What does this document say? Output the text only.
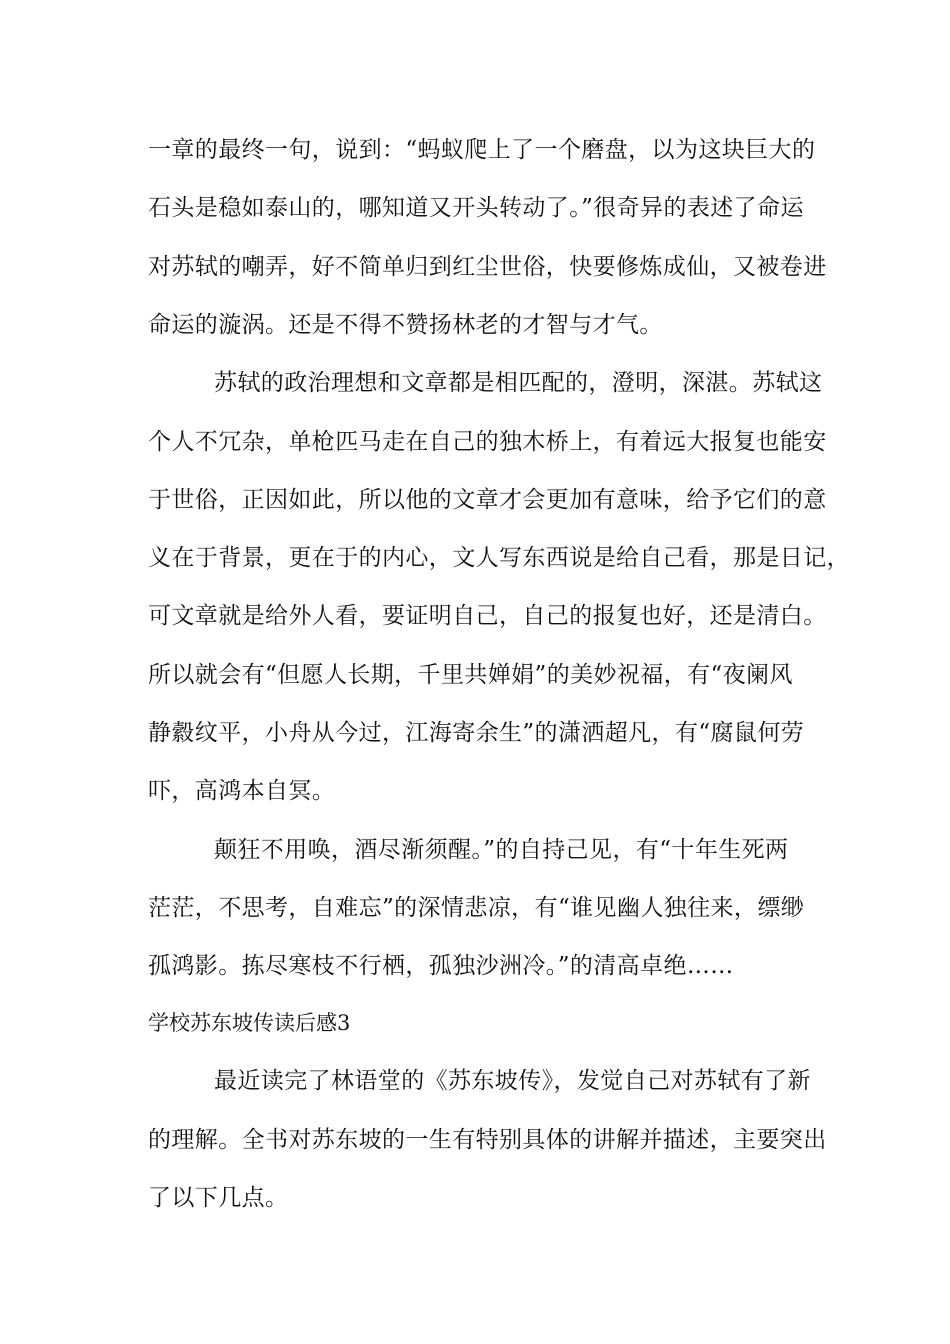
一章的最终一句，说到：“蚂蚁爬上了一个磨盘，以为这块巨大的
石头是稳如泰山的，哪知道又开头转动了。”很奇异的表述了命运
对苏轼的嘲弄，好不简单归到红尘世俗，快要修炼成仙，又被卷进
命运的漩涡。还是不得不赞扬林老的才智与才气。
苏轼的政治理想和文章都是相匹配的，澄明，深湛。苏轼这
个人不冗杂，单枪匹马走在自己的独木桥上，有着远大报复也能安
于世俗，正因如此，所以他的文章才会更加有意味，给予它们的意
义在于背景，更在于的内心，文人写东西说是给自己看，那是日记，
可文章就是给外人看，要证明自己，自己的报复也好，还是清白。
所以就会有“但愿人长期，千里共婵娟”的美妙祝福，有“夜阑风
静縠纹平，小舟从今过，江海寄余生”的潇洒超凡，有“腐鼠何劳
吓，高鸿本自冥。
颠狂不用唤，酒尽渐须醒。”的自持己见，有“十年生死两
茫茫，不思考，自难忘”的深情悲凉，有“谁见幽人独往来，缥缈
孤鸿影。拣尽寒枝不行栖，孤独沙洲冷。”的清高卓绝……
学校苏东坡传读后感3
最近读完了林语堂的《苏东坡传》，发觉自己对苏轼有了新
的理解。全书对苏东坡的一生有特别具体的讲解并描述，主要突出
了以下几点。
